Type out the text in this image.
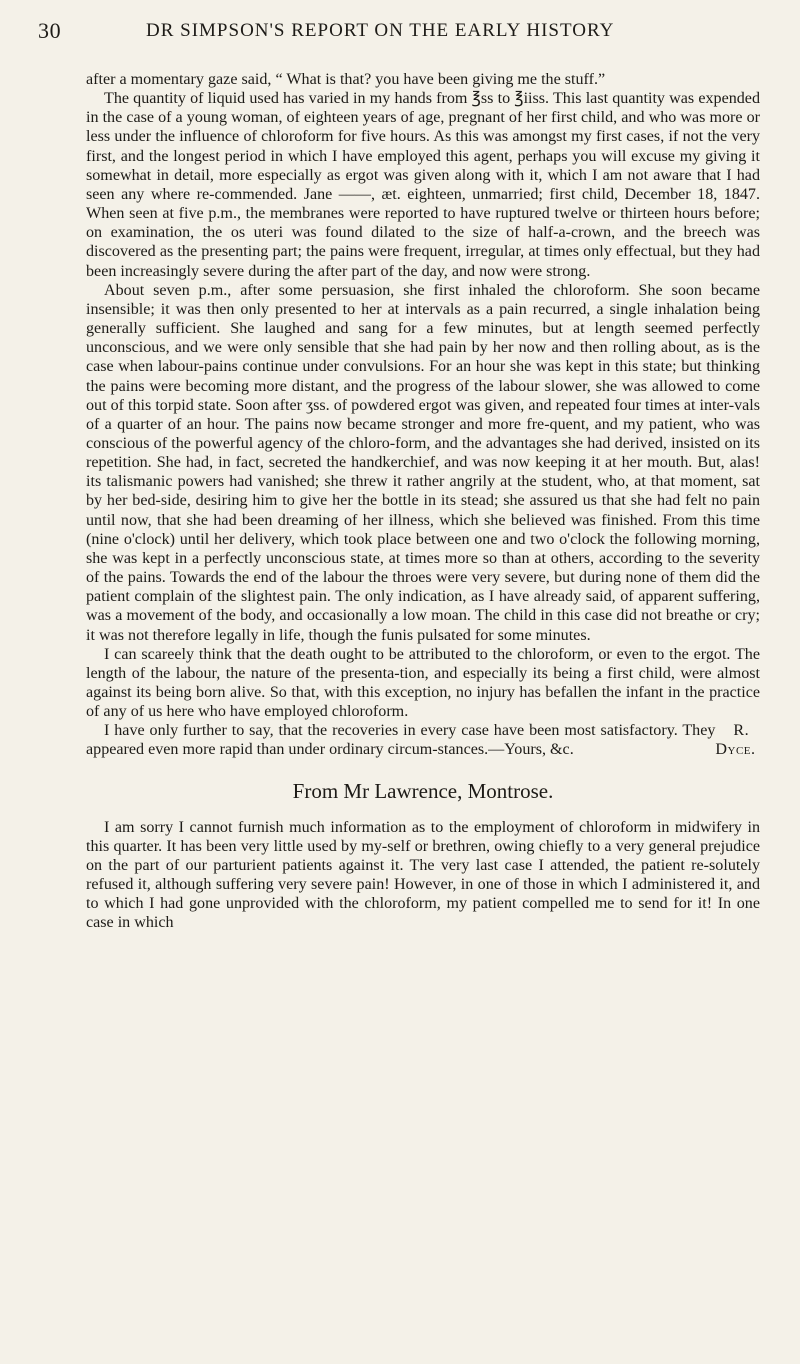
30	DR SIMPSON'S REPORT ON THE EARLY HISTORY

after a momentary gaze said, “ What is that? you have been giving me the stuff.”

The quantity of liquid used has varied in my hands from ℥ss to ℥iiss. This last quantity was expended in the case of a young woman, of eighteen years of age, pregnant of her first child, and who was more or less under the influence of chloroform for five hours. As this was amongst my first cases, if not the very first, and the longest period in which I have employed this agent, perhaps you will excuse my giving it somewhat in detail, more especially as ergot was given along with it, which I am not aware that I had seen any where re-commended. Jane ——, æt. eighteen, unmarried; first child, December 18, 1847. When seen at five p.m., the membranes were reported to have ruptured twelve or thirteen hours before; on examination, the os uteri was found dilated to the size of half-a-crown, and the breech was discovered as the presenting part; the pains were frequent, irregular, at times only effectual, but they had been increasingly severe during the after part of the day, and now were strong.

About seven p.m., after some persuasion, she first inhaled the chloroform. She soon became insensible; it was then only presented to her at intervals as a pain recurred, a single inhalation being generally sufficient. She laughed and sang for a few minutes, but at length seemed perfectly unconscious, and we were only sensible that she had pain by her now and then rolling about, as is the case when labour-pains continue under convulsions. For an hour she was kept in this state; but thinking the pains were becoming more distant, and the progress of the labour slower, she was allowed to come out of this torpid state. Soon after ʒss. of powdered ergot was given, and repeated four times at inter-vals of a quarter of an hour. The pains now became stronger and more fre-quent, and my patient, who was conscious of the powerful agency of the chloro-form, and the advantages she had derived, insisted on its repetition. She had, in fact, secreted the handkerchief, and was now keeping it at her mouth. But, alas! its talismanic powers had vanished; she threw it rather angrily at the student, who, at that moment, sat by her bed-side, desiring him to give her the bottle in its stead; she assured us that she had felt no pain until now, that she had been dreaming of her illness, which she believed was finished. From this time (nine o'clock) until her delivery, which took place between one and two o'clock the following morning, she was kept in a perfectly unconscious state, at times more so than at others, according to the severity of the pains. Towards the end of the labour the throes were very severe, but during none of them did the patient complain of the slightest pain. The only indication, as I have already said, of apparent suffering, was a movement of the body, and occasionally a low moan. The child in this case did not breathe or cry; it was not therefore legally in life, though the funis pulsated for some minutes.

I can scareely think that the death ought to be attributed to the chloroform, or even to the ergot. The length of the labour, the nature of the presenta-tion, and especially its being a first child, were almost against its being born alive. So that, with this exception, no injury has befallen the infant in the practice of any of us here who have employed chloroform.

I have only further to say, that the recoveries in every case have been most satisfactory. They appeared even more rapid than under ordinary circum-stances.—Yours, &c.
R. Dyce.

From Mr Lawrence, Montrose.

I am sorry I cannot furnish much information as to the employment of chloroform in midwifery in this quarter. It has been very little used by my-self or brethren, owing chiefly to a very general prejudice on the part of our parturient patients against it. The very last case I attended, the patient re-solutely refused it, although suffering very severe pain! However, in one of those in which I administered it, and to which I had gone unprovided with the chloroform, my patient compelled me to send for it! In one case in which
